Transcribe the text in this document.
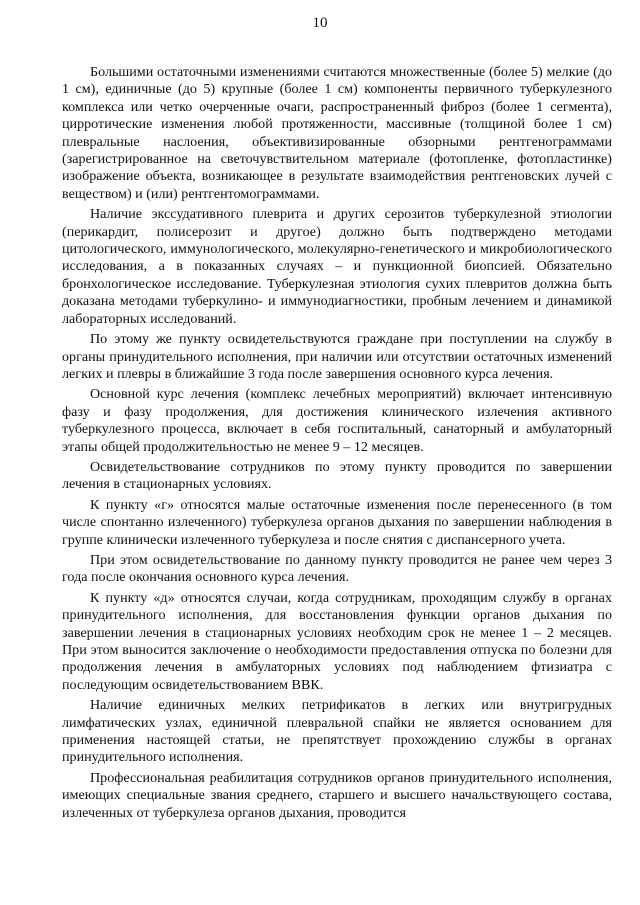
10

Большими остаточными изменениями считаются множественные (более 5) мелкие (до 1 см), единичные (до 5) крупные (более 1 см) компоненты первичного туберкулезного комплекса или четко очерченные очаги, распространенный фиброз (более 1 сегмента), цирротические изменения любой протяженности, массивные (толщиной более 1 см) плевральные наслоения, объективизированные обзорными рентгенограммами (зарегистрированное на светочувствительном материале (фотопленке, фотопластинке) изображение объекта, возникающее в результате взаимодействия рентгеновских лучей с веществом) и (или) рентгентомограммами.

Наличие экссудативного плеврита и других серозитов туберкулезной этиологии (перикардит, полисерозит и другое) должно быть подтверждено методами цитологического, иммунологического, молекулярно-генетического и микробиологического исследования, а в показанных случаях – и пункционной биопсией. Обязательно бронхологическое исследование. Туберкулезная этиология сухих плевритов должна быть доказана методами туберкулино- и иммунодиагностики, пробным лечением и динамикой лабораторных исследований.

По этому же пункту освидетельствуются граждане при поступлении на службу в органы принудительного исполнения, при наличии или отсутствии остаточных изменений легких и плевры в ближайшие 3 года после завершения основного курса лечения.

Основной курс лечения (комплекс лечебных мероприятий) включает интенсивную фазу и фазу продолжения, для достижения клинического излечения активного туберкулезного процесса, включает в себя госпитальный, санаторный и амбулаторный этапы общей продолжительностью не менее 9 – 12 месяцев.

Освидетельствование сотрудников по этому пункту проводится по завершении лечения в стационарных условиях.

К пункту «г» относятся малые остаточные изменения после перенесенного (в том числе спонтанно излеченного) туберкулеза органов дыхания по завершении наблюдения в группе клинически излеченного туберкулеза и после снятия с диспансерного учета.

При этом освидетельствование по данному пункту проводится не ранее чем через 3 года после окончания основного курса лечения.

К пункту «д» относятся случаи, когда сотрудникам, проходящим службу в органах принудительного исполнения, для восстановления функции органов дыхания по завершении лечения в стационарных условиях необходим срок не менее 1 – 2 месяцев. При этом выносится заключение о необходимости предоставления отпуска по болезни для продолжения лечения в амбулаторных условиях под наблюдением фтизиатра с последующим освидетельствованием ВВК.

Наличие единичных мелких петрификатов в легких или внутригрудных лимфатических узлах, единичной плевральной спайки не является основанием для применения настоящей статьи, не препятствует прохождению службы в органах принудительного исполнения.

Профессиональная реабилитация сотрудников органов принудительного исполнения, имеющих специальные звания среднего, старшего и высшего начальствующего состава, излеченных от туберкулеза органов дыхания, проводится
